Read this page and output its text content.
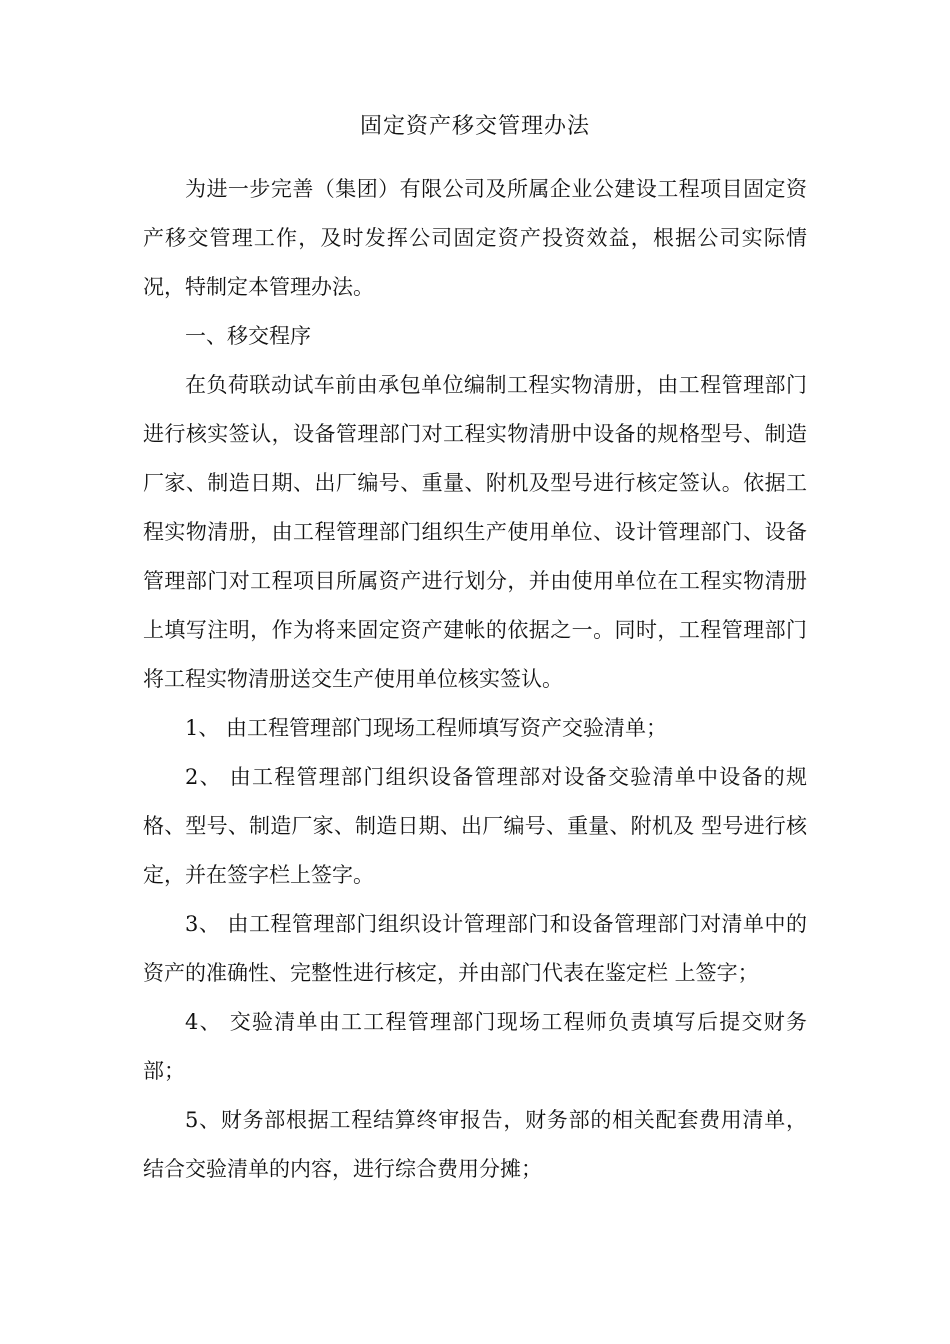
固定资产移交管理办法

为进一步完善（集团）有限公司及所属企业公建设工程项目固定资产移交管理工作，及时发挥公司固定资产投资效益，根据公司实际情况，特制定本管理办法。

一、移交程序

在负荷联动试车前由承包单位编制工程实物清册，由工程管理部门进行核实签认，设备管理部门对工程实物清册中设备的规格型号、制造厂家、制造日期、出厂编号、重量、附机及型号进行核定签认。依据工程实物清册，由工程管理部门组织生产使用单位、设计管理部门、设备管理部门对工程项目所属资产进行划分，并由使用单位在工程实物清册上填写注明，作为将来固定资产建帐的依据之一。同时，工程管理部门将工程实物清册送交生产使用单位核实签认。

1、 由工程管理部门现场工程师填写资产交验清单；

2、 由工程管理部门组织设备管理部对设备交验清单中设备的规格、型号、制造厂家、制造日期、出厂编号、重量、附机及 型号进行核定，并在签字栏上签字。

3、 由工程管理部门组织设计管理部门和设备管理部门对清单中的资产的准确性、完整性进行核定，并由部门代表在鉴定栏 上签字；

4、 交验清单由工工程管理部门现场工程师负责填写后提交财务部；

5、财务部根据工程结算终审报告，财务部的相关配套费用清单，结合交验清单的内容，进行综合费用分摊；
